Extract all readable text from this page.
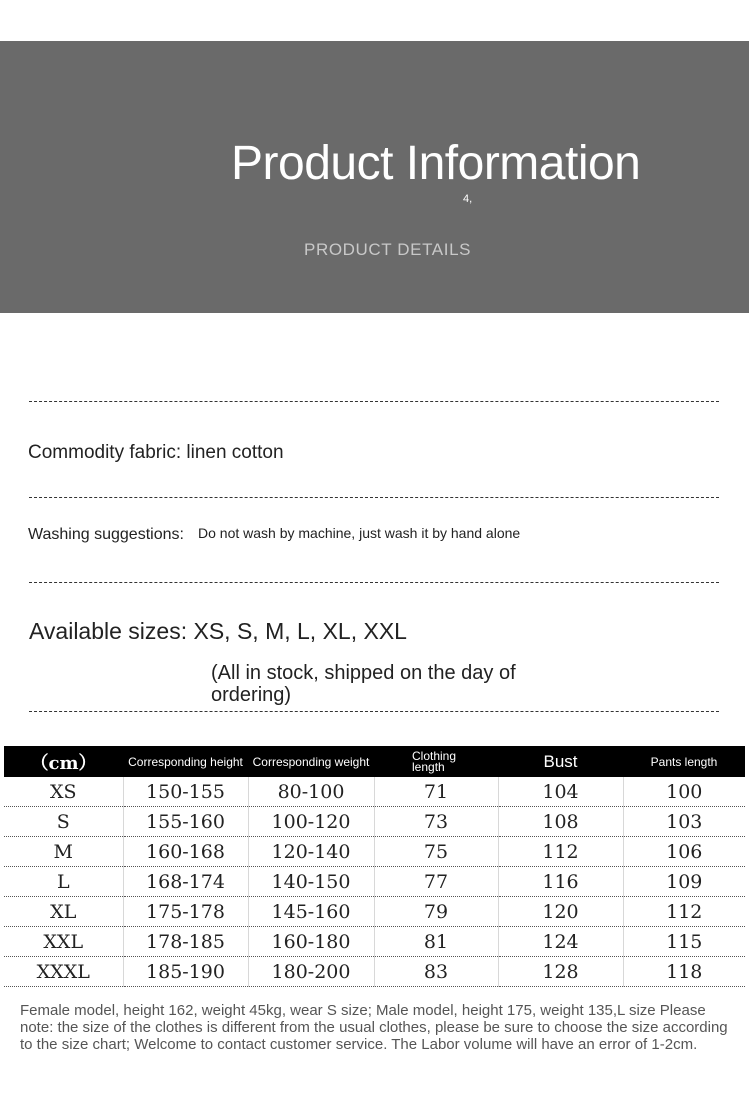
Product Information
4,
PRODUCT DETAILS
Commodity fabric: linen cotton
Washing suggestions: Do not wash by machine, just wash it by hand alone
Available sizes: XS, S, M, L, XL, XXL
(All in stock, shipped on the day of ordering)
（cm）	Corresponding height	Corresponding weight	Clothing length	Bust	Pants length
XS	150-155	80-100	71	104	100
S	155-160	100-120	73	108	103
M	160-168	120-140	75	112	106
L	168-174	140-150	77	116	109
XL	175-178	145-160	79	120	112
XXL	178-185	160-180	81	124	115
XXXL	185-190	180-200	83	128	118
Female model, height 162, weight 45kg, wear S size; Male model, height 175, weight 135,L size Please note: the size of the clothes is different from the usual clothes, please be sure to choose the size according to the size chart; Welcome to contact customer service. The Labor volume will have an error of 1-2cm.
